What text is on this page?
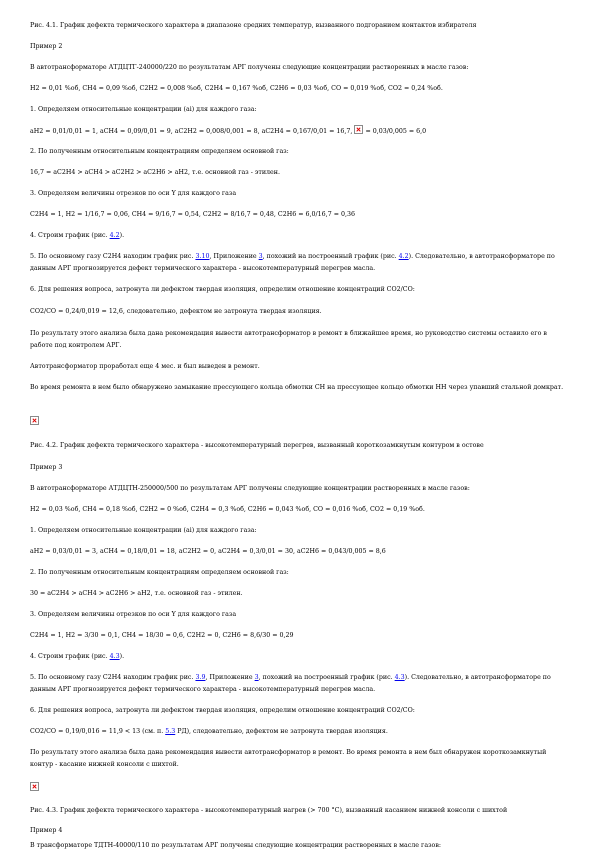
Рис. 4.1. График дефекта термического характера в диапазоне средних температур, вызванного подгоранием контактов избирателя
Пример 2
В автотрансформаторе АТДЦТГ-240000/220 по результатам АРГ получены следующие концентрации растворенных в масле газов:
Н2 = 0,01 %об, СН4 = 0,09 %об, С2Н2 = 0,008 %об, С2Н4 = 0,167 %об, С2Н6 = 0,03 %об, СО = 0,019 %об, СО2 = 0,24 %об.
1. Определяем относительные концентрации (ai) для каждого газа:
aН2 = 0,01/0,01 = 1, aСН4 = 0,09/0,01 = 9, aС2Н2 = 0,008/0,001 = 8, aС2Н4 = 0,167/0,01 = 16,7, = 0,03/0,005 = 6,0
2. По полученным относительным концентрациям определяем основной газ:
16,7 = aС2Н4 > aСН4 > aС2Н2 > aС2Н6 > aН2, т.е. основной газ - этилен.
3. Определяем величины отрезков по оси Y для каждого газа
С2Н4 = 1, Н2 = 1/16,7 = 0,06, СН4 = 9/16,7 = 0,54, С2Н2 = 8/16,7 = 0,48, С2Н6 = 6,0/16,7 = 0,36
4. Строим график (рис. 4.2).
5. По основному газу С2Н4 находим график рис. 3.10, Приложение 3, похожий на построенный график (рис. 4.2). Следовательно, в автотрансформаторе по данным АРГ прогнозируется дефект термического характера - высокотемпературный перегрев масла.
6. Для решения вопроса, затронута ли дефектом твердая изоляция, определим отношение концентраций СО2/СО:
СО2/СО = 0,24/0,019 = 12,6, следовательно, дефектом не затронута твердая изоляция.
По результату этого анализа была дана рекомендация вывести автотрансформатор в ремонт в ближайшее время, но руководство системы оставило его в работе под контролем АРГ.
Автотрансформатор проработал еще 4 мес. и был выведен в ремонт.
Во время ремонта в нем было обнаружено замыкание прессующего кольца обмотки СН на прессующее кольцо обмотки НН через упавший стальной домкрат.
Рис. 4.2. График дефекта термического характера - высокотемпературный перегрев, вызванный короткозамкнутым контуром в остове
Пример 3
В автотрансформаторе АТДЦТН-250000/500 по результатам АРГ получены следующие концентрации растворенных в масле газов:
Н2 = 0,03 %об, СН4 = 0,18 %об, С2Н2 = 0 %об, С2Н4 = 0,3 %об, С2Н6 = 0,043 %об, СО = 0,016 %об, СО2 = 0,19 %об.
1. Определяем относительные концентрации (ai) для каждого газа:
aН2 = 0,03/0,01 = 3, aСН4 = 0,18/0,01 = 18, aС2Н2 = 0, aС2Н4 = 0,3/0,01 = 30, aС2Н6 = 0,043/0,005 = 8,6
2. По полученным относительным концентрациям определяем основной газ:
30 = aС2Н4 > aСН4 > aС2Н6 > aН2, т.е. основной газ - этилен.
3. Определяем величины отрезков по оси Y для каждого газа
С2Н4 = 1, Н2 = 3/30 = 0,1, СН4 = 18/30 = 0,6, С2Н2 = 0, С2Н6 = 8,6/30 = 0,29
4. Строим график (рис. 4.3).
5. По основному газу С2Н4 находим график рис. 3.9, Приложение 3, похожий на построенный график (рис. 4.3). Следовательно, в автотрансформаторе по данным АРГ прогнозируется дефект термического характера - высокотемпературный перегрев масла.
6. Для решения вопроса, затронута ли дефектом твердая изоляция, определим отношение концентраций СО2/СО:
СО2/СО = 0,19/0,016 = 11,9 < 13 (см. п. 5.3 РД), следовательно, дефектом не затронута твердая изоляция.
По результату этого анализа была дана рекомендация вывести автотрансформатор в ремонт. Во время ремонта в нем был обнаружен короткозамкнутый контур - касание нижней консоли с шихтой.
Рис. 4.3. График дефекта термического характера - высокотемпературный нагрев (> 700 °С), вызванный касанием нижней консоли с шихтой
Пример 4
В трансформаторе ТДТН-40000/110 по результатам АРГ получены следующие концентрации растворенных в масле газов:
